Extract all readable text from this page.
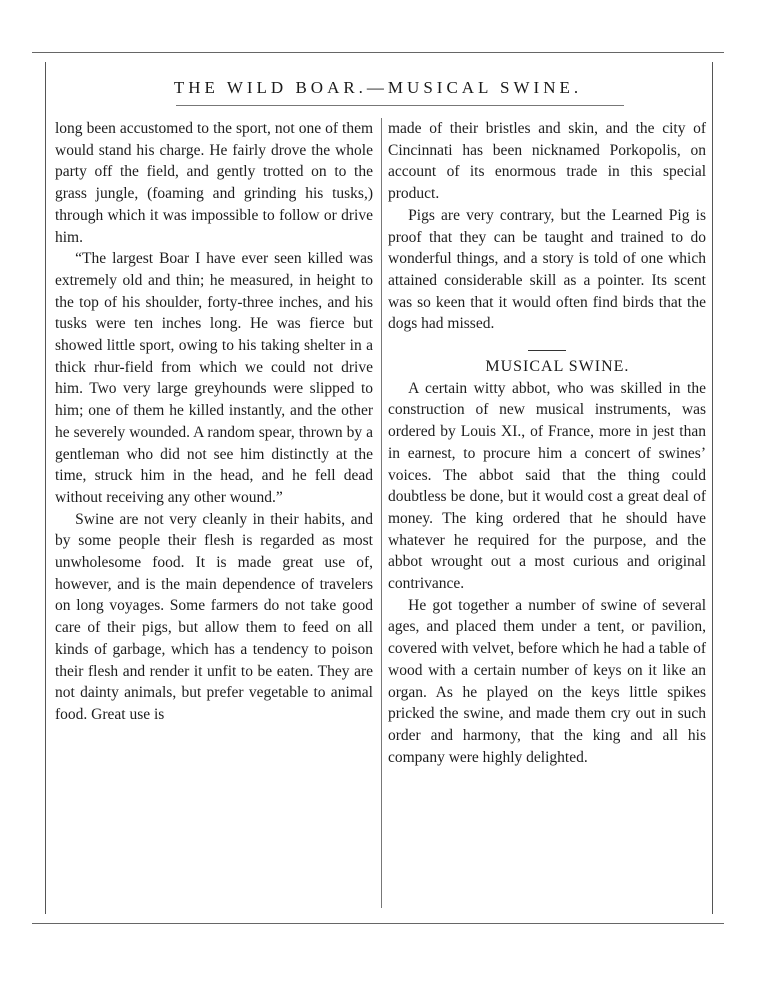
THE WILD BOAR.—MUSICAL SWINE.

long been accustomed to the sport, not one of them would stand his charge. He fairly drove the whole party off the field, and gently trotted on to the grass jungle, (foaming and grinding his tusks,) through which it was impossible to follow or drive him.

“The largest Boar I have ever seen killed was extremely old and thin; he measured, in height to the top of his shoulder, forty-three inches, and his tusks were ten inches long. He was fierce but showed little sport, owing to his taking shelter in a thick rhur-field from which we could not drive him. Two very large greyhounds were slipped to him; one of them he killed instantly, and the other he severely wounded. A random spear, thrown by a gentleman who did not see him distinctly at the time, struck him in the head, and he fell dead without receiving any other wound.”

Swine are not very cleanly in their habits, and by some people their flesh is regarded as most unwholesome food. It is made great use of, however, and is the main dependence of travelers on long voyages. Some farmers do not take good care of their pigs, but allow them to feed on all kinds of garbage, which has a tendency to poison their flesh and render it unfit to be eaten. They are not dainty animals, but prefer vegetable to animal food. Great use is

made of their bristles and skin, and the city of Cincinnati has been nicknamed Porkopolis, on account of its enormous trade in this special product.

Pigs are very contrary, but the Learned Pig is proof that they can be taught and trained to do wonderful things, and a story is told of one which attained considerable skill as a pointer. Its scent was so keen that it would often find birds that the dogs had missed.

MUSICAL SWINE.

A certain witty abbot, who was skilled in the construction of new musical instruments, was ordered by Louis XI., of France, more in jest than in earnest, to procure him a concert of swines’ voices. The abbot said that the thing could doubtless be done, but it would cost a great deal of money. The king ordered that he should have whatever he required for the purpose, and the abbot wrought out a most curious and original contrivance.

He got together a number of swine of several ages, and placed them under a tent, or pavilion, covered with velvet, before which he had a table of wood with a certain number of keys on it like an organ. As he played on the keys little spikes pricked the swine, and made them cry out in such order and harmony, that the king and all his company were highly delighted.
